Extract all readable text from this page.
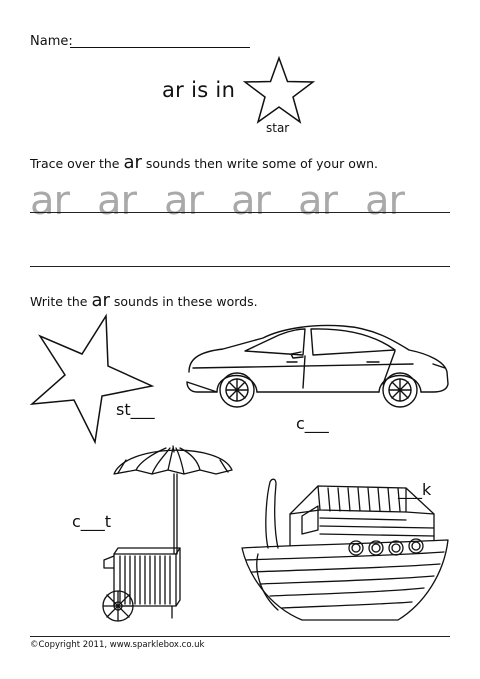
Name:
ar is in
star
Trace over the ar sounds then write some of your own.
ar ar ar ar ar ar
Write the ar sounds in these words.
st___
c___
c___t
___k
©Copyright 2011, www.sparklebox.co.uk
